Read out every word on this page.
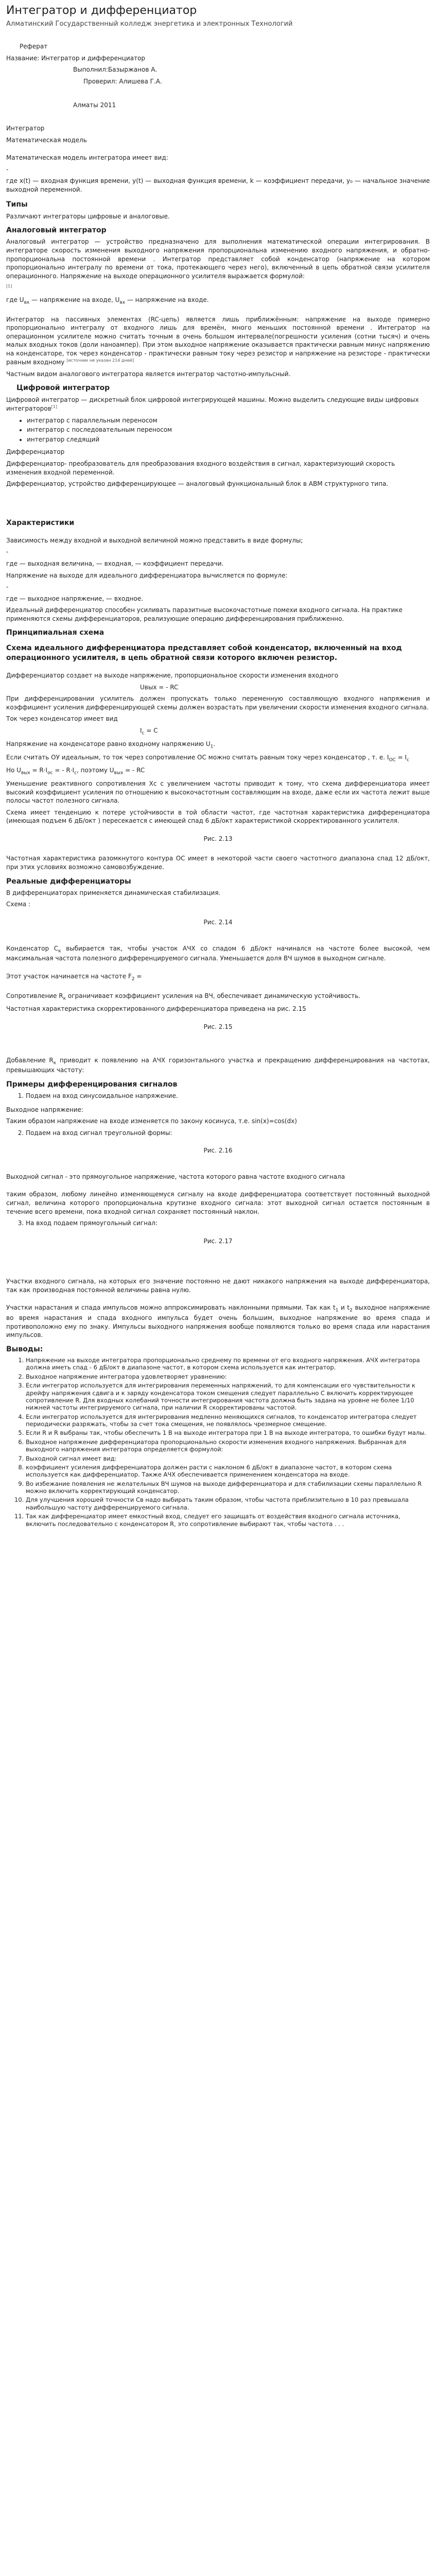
Интегратор и дифференциатор
Алматинский Государственный колледж энергетика и электронных Технологий

Реферат

Название: Интегратор и дифференциатор

Выполнил:Базыржанов А.

Проверил: Алишева Г.А.

Алматы 2011

Интегратор

Математическая модель

Математическая модель интегратора имеет вид:

-

где x(t) — входная функция времени, y(t) — выходная функция времени, k — коэффициент передачи, y₀ — начальное значение выходной переменной.

Типы

Различают интеграторы цифровые и аналоговые.

Аналоговый интегратор

Аналоговый интегратор — устройство предназначено для выполнения математической операции интегрирования. В интеграторе скорость изменения выходного напряжения пропорциональна изменению входного напряжения, и обратно-пропорциональна постоянной времени . Интегратор представляет собой конденсатор (напряжение на котором пропорционально интегралу по времени от тока, протекающего через него), включенный в цепь обратной связи усилителя операционного. Напряжение на выходе операционного усилителя выражается формулой:

[1]

где $U_{вх}$ — напряжение на входе, $U_{вх}$ — напряжение на входе.

Интегратор на пассивных элементах (RC-цепь) является лишь приближённым: напряжение на выходе примерно пропорционально интегралу от входного лишь для времён, много меньших постоянной времени . Интегратор на операционном усилителе можно считать точным в очень большом интервале(погрешности усиления (сотни тысяч) и очень малых входных токов (доли наноампер). При этом выходное напряжение оказывается практически равным минус напряжению на конденсаторе, ток через конденсатор - практически равным току через резистор и напряжение на резисторе - практически равным входному [источник не указан 214 дней]

Частным видом аналогового интегратора является интегратор частотно-импульсный.

Цифровой интегратор

Цифровой интегратор — дискретный блок цифровой интегрирующей машины. Можно выделить следующие виды цифровых интеграторов[1]

• интегратор с параллельным переносом
• интегратор с последовательным переносом
• интегратор следящий

Дифференциатор

Дифференциатор- преобразователь для преобразования входного воздействия в сигнал, характеризующий скорость изменения входной переменной.

Дифференциатор, устройство дифференцирующее — аналоговый функциональный блок в АВМ структурного типа.

Характеристики

Зависимость между входной и выходной величиной можно представить в виде формулы;

-

где — выходная величина, — входная, — коэффициент передачи.

Напряжение на выходе для идеального дифференциатора вычисляется по формуле:

-

где — выходное напряжение, — входное.

Идеальный дифференциатор способен усиливать паразитные высокочастотные помехи входного сигнала. На практике применяются схемы дифференциаторов, реализующие операцию дифференцирования приближенно.

Принципиальная схема
Схема идеального дифференциатора представляет собой конденсатор, включенный на вход операционного усилителя, в цепь обратной связи которого включен резистор.

Дифференциатор создает на выходе напряжение, пропорциональное скорости изменения входного

Uвых = - RC

При дифференцировании усилитель должен пропускать только переменную составляющую входного напряжения и коэффициент усиления дифференцирующей схемы должен возрастать при увеличении скорости изменения входного сигнала.

Ток через конденсатор имеет вид

$I_с = C$

Напряжение на конденсаторе равно входному напряжению $U_1$.

Если считать ОУ идеальным, то ток через сопротивление ОС можно считать равным току через конденсатор , т. е. $I_{ОС} = I_с$

Но $U_{вых} = R\cdot I_{ос}$ = - $R\cdot I_с$, поэтому $U_{вых}$ = - RC

Уменьшение реактивного сопротивления Xс с увеличением частоты приводит к тому, что схема дифференциатора имеет высокий коэффициент усиления по отношению к высокочастотным составляющим на входе, даже если их частота лежит выше полосы частот полезного сигнала.

Схема имеет тенденцию к потере устойчивости в той области частот, где частотная характеристика дифференциатора (имеющая подъем 6 дБ/окт ) пересекается с имеющей спад 6 дБ/окт характеристикой скорректированного усилителя.

Рис. 2.13

Частотная характеристика разомкнутого контура ОС имеет в некоторой части своего частотного диапазона спад 12 дБ/окт, при этих условиях возможно самовозбуждение.

Реальные дифференциаторы

В дифференциаторах применяется динамическая стабилизация.

Схема :

Рис. 2.14

Конденсатор $C_к$ выбирается так, чтобы участок АЧХ со спадом 6 дБ/окт начинался на частоте более высокой, чем максимальная частота полезного дифференцируемого сигнала. Уменьшается доля ВЧ шумов в выходном сигнале.

Этот участок начинается на частоте $F_2$ =

Сопротивление $R_к$ ограничивает коэффициент усиления на ВЧ, обеспечивает динамическую устойчивость.

Частотная характеристика скорректированного дифференциатора приведена на рис. 2.15

Рис. 2.15

Добавление $R_к$ приводит к появлению на АЧХ горизонтального участка и прекращению дифференцирования на частотах, превышающих частоту:

Примеры дифференцирования сигналов
1. Подаем на вход синусоидальное напряжение.

Выходное напряжение:

Таким образом напряжение на входе изменяется по закону косинуса, т.е. sin(x)=cos(dx)

2. Подаем на вход сигнал треугольной формы:
Рис. 2.16

Выходной сигнал - это прямоугольное напряжение, частота которого равна частоте входного сигнала

таким образом, любому линейно изменяющемуся сигналу на входе дифференциатора соответствует постоянный выходной сигнал, величина которого пропорциональна крутизне входного сигнала: этот выходной сигнал остается постоянным в течение всего времени, пока входной сигнал сохраняет постоянный наклон.

3. На вход подаем прямоугольный сигнал:
Рис. 2.17

Участки входного сигнала, на которых его значение постоянно не дают никакого напряжения на выходе дифференциатора, так как производная постоянной величины равна нулю.

Участки нарастания и спада импульсов можно аппроксимировать наклонными прямыми. Так как $t_1$ и $t_2$ выходное напряжение во время нарастания и спада входного импульса будет очень большим, выходное напряжение во время спада и противоположно ему по знаку. Импульсы выходного напряжения вообще появляются только во время спада или нарастания импульсов.

Выводы:
1. Напряжение на выходе интегратора пропорционально среднему по времени от его входного напряжения. АЧХ интегратора должна иметь спад - 6 дБ/окт в диапазоне частот, в котором схема используется как интегратор.
2. Выходное напряжение интегратора удовлетворяет уравнению:
3. Если интегратор используется для интегрирования переменных напряжений, то для компенсации его чувствительности к дрейфу напряжения сдвига и к заряду конденсатора током смещения следует параллельно C включить корректирующее сопротивление R. Для входных колебаний точности интегрирования частота должна быть задана на уровне не более 1/10 нижней частоты интегрируемого сигнала, при наличии R скорректированы частотой.
4. Если интегратор используется для интегрирования медленно меняющихся сигналов, то конденсатор интегратора следует периодически разряжать, чтобы за счет тока смещения, не появлялось чрезмерное смещение.
5. Если R и R выбраны так, чтобы обеспечить 1 В на выходе интегратора при 1 В на выходе интегратора, то ошибки будут малы.
6. Выходное напряжение дифференциатора пропорционально скорости изменения входного напряжения. Выбранная для выходного напряжения интегратора определяется формулой:
7. Выходной сигнал имеет вид:
8. коэффициент усиления дифференциатора должен расти с наклоном 6 дБ/окт в диапазоне частот, в котором схема используется как дифференциатор. Также АЧХ обеспечивается применением конденсатора на входе.
9. Во избежание появления не желательных ВЧ шумов на выходе дифференциатора и для стабилизации схемы параллельно R можно включить корректирующий конденсатор.
10. Для улучшения хорошей точности Cв надо выбирать таким образом, чтобы частота приблизительно в 10 раз превышала наибольшую частоту дифференцируемого сигнала.
11. Так как дифференциатор имеет емкостный вход, следует его защищать от воздействия входного сигнала источника, включить последовательно с конденсатором R, это сопротивление выбирают так, чтобы частота . . .
